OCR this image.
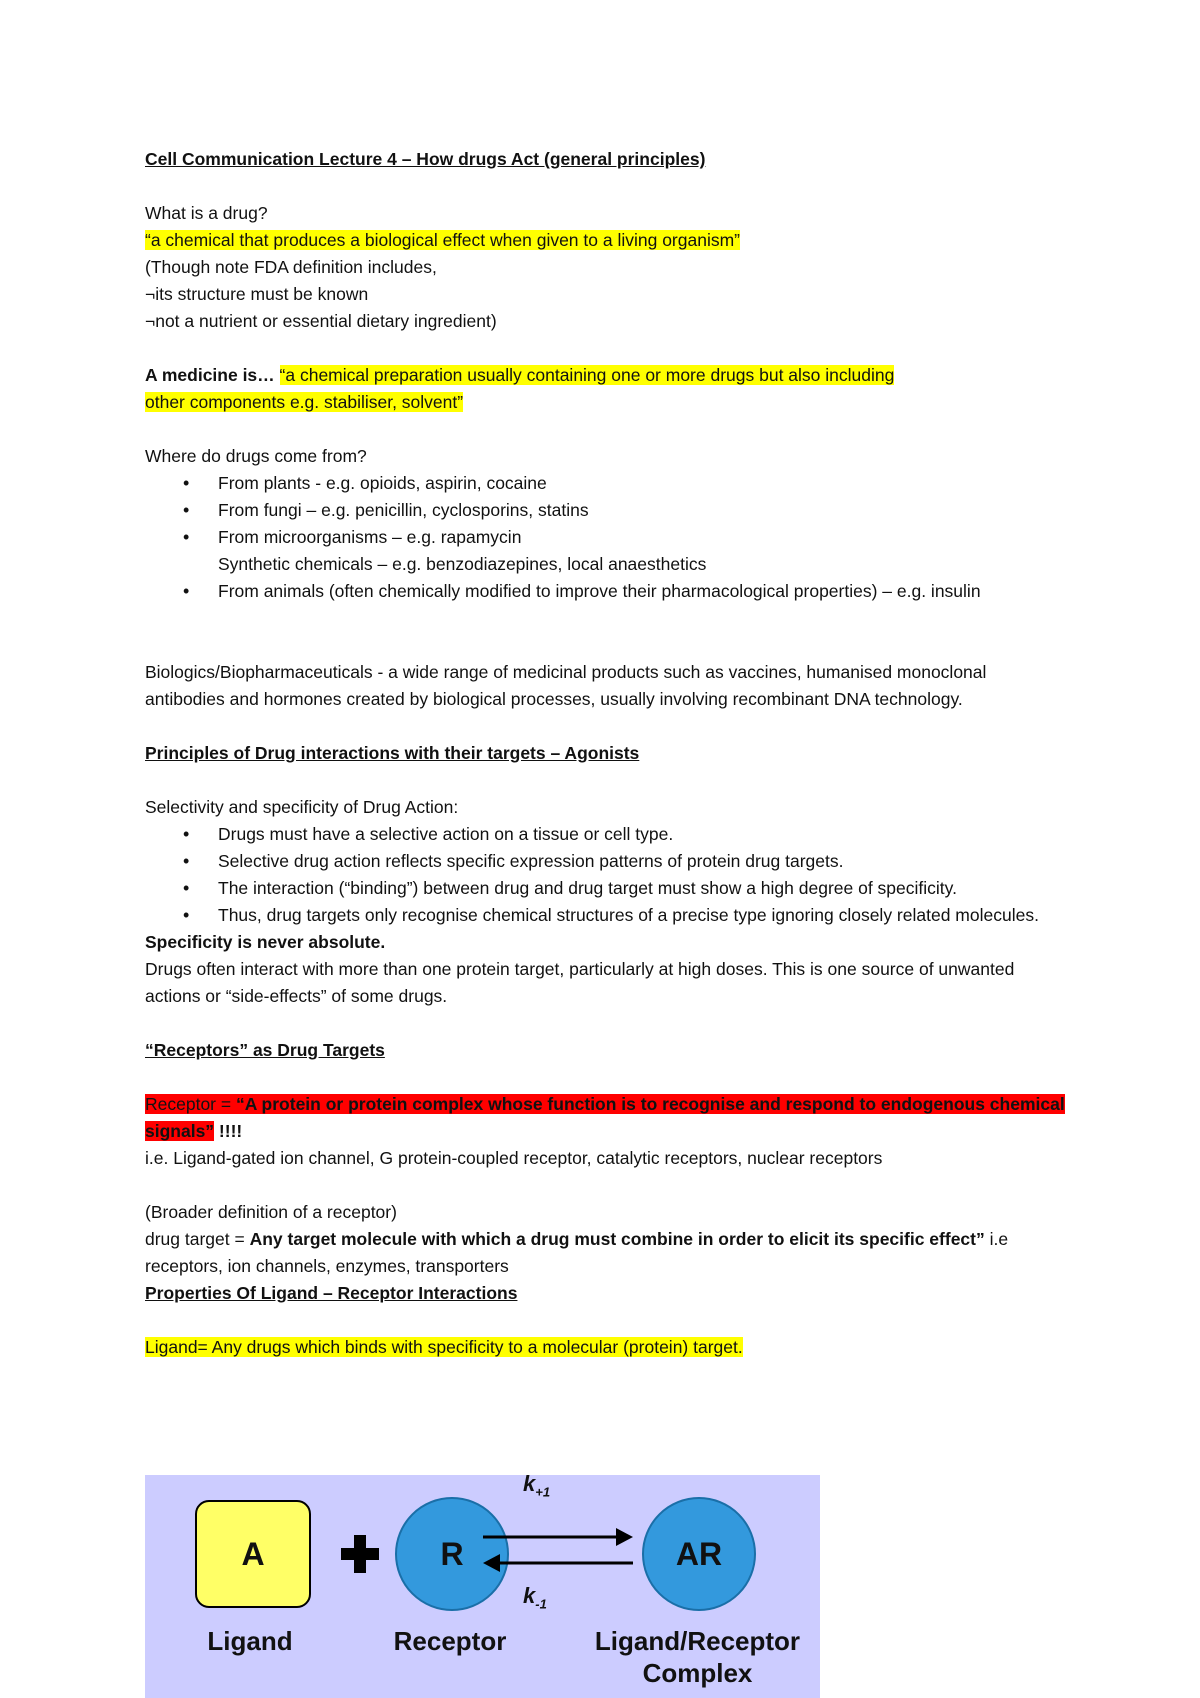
Cell Communication Lecture 4 – How drugs Act (general principles)

What is a drug?

“a chemical that produces a biological effect when given to a living organism”

(Though note FDA definition includes,

¬its structure must be known

¬not a nutrient or essential dietary ingredient)

A medicine is… “a chemical preparation usually containing one or more drugs but also including

other components e.g. stabiliser, solvent”

Where do drugs come from?

• From plants - e.g. opioids, aspirin, cocaine
• From fungi – e.g. penicillin, cyclosporins, statins
• From microorganisms – e.g. rapamycin

Synthetic chemicals – e.g. benzodiazepines, local anaesthetics

• From animals (often chemically modified to improve their pharmacological properties) – e.g. insulin

Biologics/Biopharmaceuticals - a wide range of medicinal products such as vaccines, humanised monoclonal antibodies and hormones created by biological processes, usually involving recombinant DNA technology.

Principles of Drug interactions with their targets – Agonists

Selectivity and specificity of Drug Action:

• Drugs must have a selective action on a tissue or cell type.
• Selective drug action reflects specific expression patterns of protein drug targets.
• The interaction (“binding”) between drug and drug target must show a high degree of specificity.
• Thus, drug targets only recognise chemical structures of a precise type ignoring closely related molecules.

Specificity is never absolute.

Drugs often interact with more than one protein target, particularly at high doses. This is one source of unwanted actions or “side-effects” of some drugs.

“Receptors” as Drug Targets

Receptor = “A protein or protein complex whose function is to recognise and respond to endogenous chemical signals” !!!!

i.e. Ligand-gated ion channel, G protein-coupled receptor, catalytic receptors, nuclear receptors

(Broader definition of a receptor)

drug target = Any target molecule with which a drug must combine in order to elicit its specific effect” i.e receptors, ion channels, enzymes, transporters

Properties Of Ligand – Receptor Interactions

Ligand= Any drugs which binds with specificity to a molecular (protein) target.

A	R	AR
$k_{+1}$
$k_{-1}$
Ligand	Receptor	Ligand/Receptor
Complex
